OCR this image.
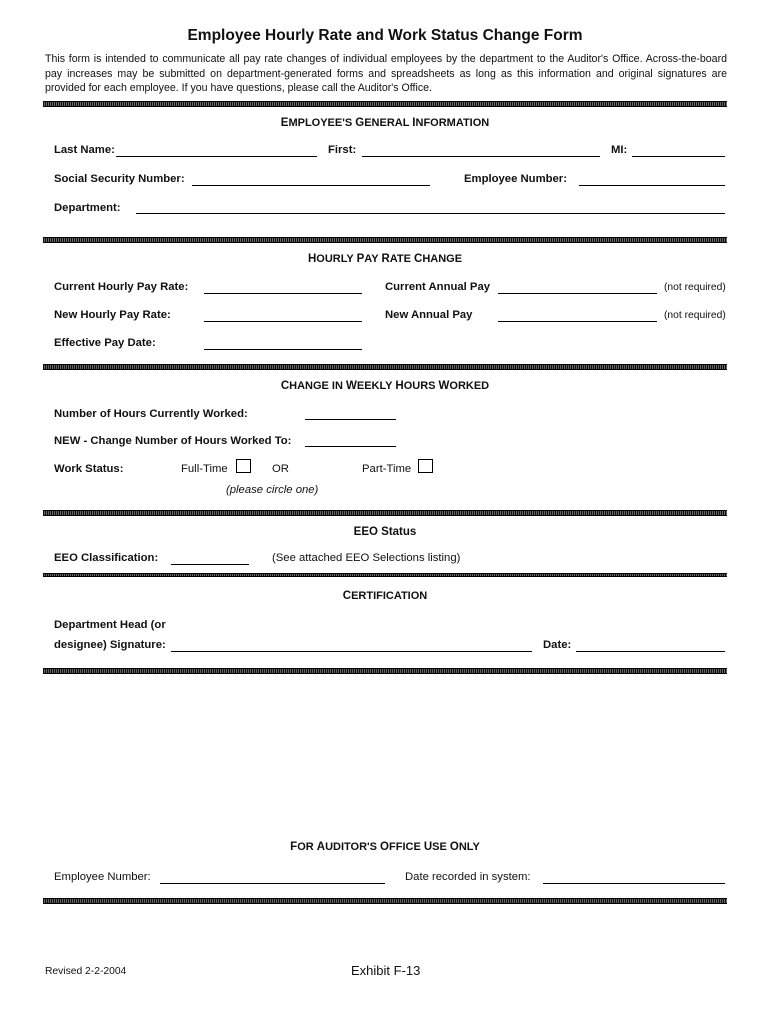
Employee Hourly Rate and Work Status Change Form
This form is intended to communicate all pay rate changes of individual employees by the department to the Auditor's Office. Across-the-board pay increases may be submitted on department-generated forms and spreadsheets as long as this information and original signatures are provided for each employee. If you have questions, please call the Auditor's Office.
EMPLOYEE'S GENERAL INFORMATION
Last Name:	First:	MI:
Social Security Number:	Employee Number:
Department:
HOURLY PAY RATE CHANGE
Current Hourly Pay Rate:	Current Annual Pay	(not required)
New Hourly Pay Rate:	New Annual Pay	(not required)
Effective Pay Date:
CHANGE IN WEEKLY HOURS WORKED
Number of Hours Currently Worked:
NEW - Change Number of Hours Worked To:
Work Status:	Full-Time	OR	Part-Time
(please circle one)
EEO Status
EEO Classification:	(See attached EEO Selections listing)
CERTIFICATION
Department Head (or
designee) Signature:	Date:
FOR AUDITOR'S OFFICE USE ONLY
Employee Number:	Date recorded in system:
Revised 2-2-2004	Exhibit F-13
